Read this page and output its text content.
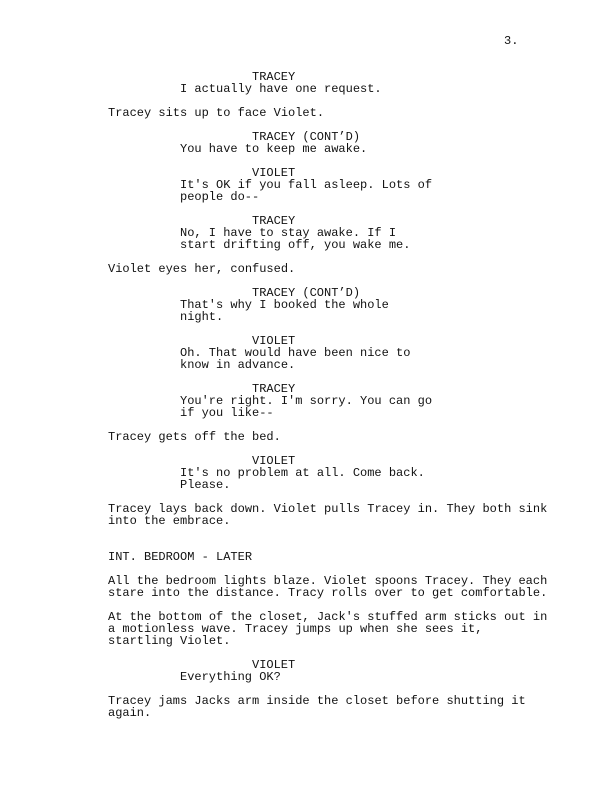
3.
TRACEY
I actually have one request.
Tracey sits up to face Violet.
TRACEY (CONT’D)
You have to keep me awake.
VIOLET
It's OK if you fall asleep. Lots of
people do--
TRACEY
No, I have to stay awake. If I
start drifting off, you wake me.
Violet eyes her, confused.
TRACEY (CONT’D)
That's why I booked the whole
night.
VIOLET
Oh. That would have been nice to
know in advance.
TRACEY
You're right. I'm sorry. You can go
if you like--
Tracey gets off the bed.
VIOLET
It's no problem at all. Come back.
Please.
Tracey lays back down. Violet pulls Tracey in. They both sink
into the embrace.
INT. BEDROOM - LATER
All the bedroom lights blaze. Violet spoons Tracey. They each
stare into the distance. Tracy rolls over to get comfortable.
At the bottom of the closet, Jack's stuffed arm sticks out in
a motionless wave. Tracey jumps up when she sees it,
startling Violet.
VIOLET
Everything OK?
Tracey jams Jacks arm inside the closet before shutting it
again.
